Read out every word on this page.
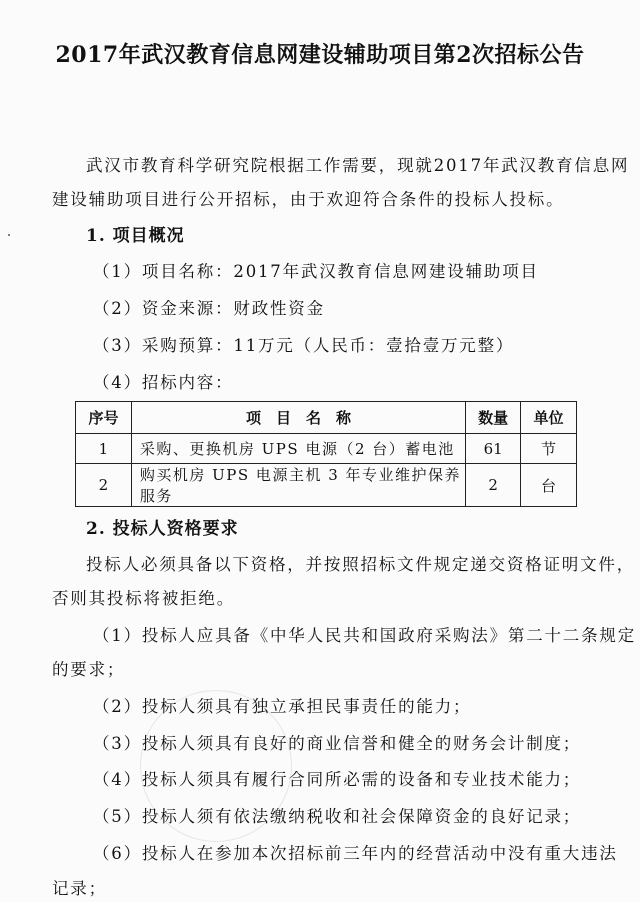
2017年武汉教育信息网建设辅助项目第2次招标公告
武汉市教育科学研究院根据工作需要，现就2017年武汉教育信息网
建设辅助项目进行公开招标，由于欢迎符合条件的投标人投标。
1. 项目概况
（1）项目名称：2017年武汉教育信息网建设辅助项目
（2）资金来源：财政性资金
（3）采购预算：11万元（人民币：壹拾壹万元整）
（4）招标内容：
序号	项　目　名　称	数量	单位
1	采购、更换机房 UPS 电源（2 台）蓄电池	61	节
2	购买机房 UPS 电源主机 3 年专业维护保养服务	2	台
2. 投标人资格要求
投标人必须具备以下资格，并按照招标文件规定递交资格证明文件，
否则其投标将被拒绝。
（1）投标人应具备《中华人民共和国政府采购法》第二十二条规定
的要求；
（2）投标人须具有独立承担民事责任的能力；
（3）投标人须具有良好的商业信誉和健全的财务会计制度；
（4）投标人须具有履行合同所必需的设备和专业技术能力；
（5）投标人须有依法缴纳税收和社会保障资金的良好记录；
（6）投标人在参加本次招标前三年内的经营活动中没有重大违法
记录；
